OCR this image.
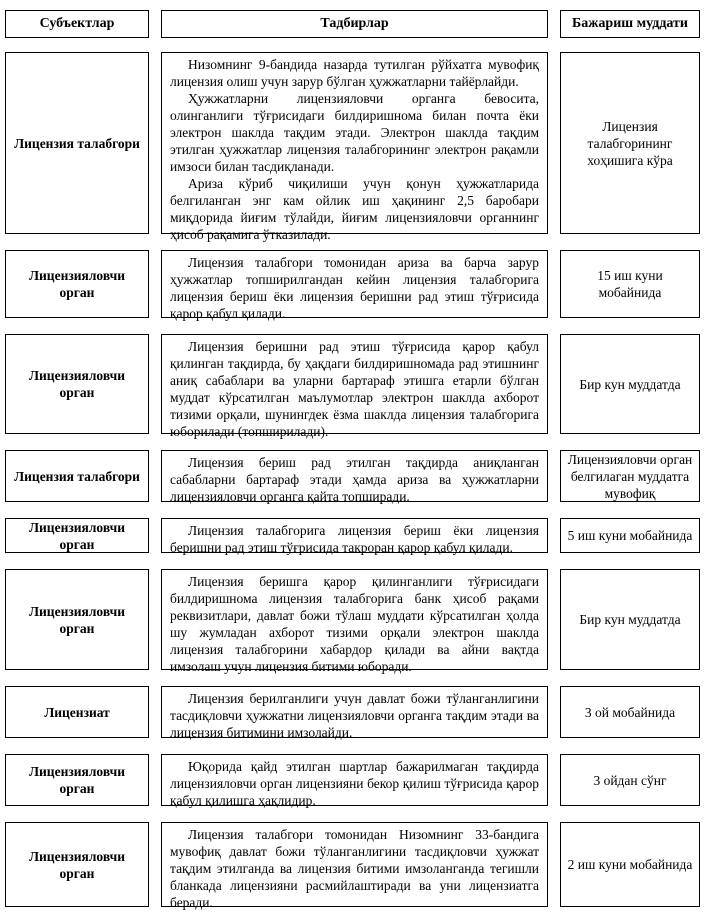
Субъектлар	Тадбирлар	Бажариш муддати
Лицензия талабгори

Низомнинг 9-бандида назарда тутилган рўйхатга мувофиқ лицензия олиш учун зарур бўлган ҳужжатларни тайёрлайди.

Ҳужжатларни лицензияловчи органга бевосита, олинганлиги тўғрисидаги билдиришнома билан почта ёки электрон шаклда тақдим этади. Электрон шаклда тақдим этилган ҳужжатлар лицензия талабгорининг электрон рақамли имзоси билан тасдиқланади.

Ариза кўриб чиқилиши учун қонун ҳужжатларида белгиланган энг кам ойлик иш ҳақининг 2,5 баробари миқдорида йиғим тўлайди, йиғим лицензияловчи органнинг ҳисоб рақамига ўтказилади.

Лицензия талабгорининг хоҳишига кўра
Лицензияловчи орган

Лицензия талабгори томонидан ариза ва барча зарур ҳужжатлар топширилгандан кейин лицензия талабгорига лицензия бериш ёки лицензия беришни рад этиш тўғрисида қарор қабул қилади.

15 иш куни мобайнида
Лицензияловчи орган

Лицензия беришни рад этиш тўғрисида қарор қабул қилинган тақдирда, бу ҳақдаги билдиришномада рад этишнинг аниқ сабаблари ва уларни бартараф этишга етарли бўлган муддат кўрсатилган маълумотлар электрон шаклда ахборот тизими орқали, шунингдек ёзма шаклда лицензия талабгорига юборилади (топширилади).

Бир кун муддатда
Лицензия талабгори

Лицензия бериш рад этилган тақдирда аниқланган сабабларни бартараф этади ҳамда ариза ва ҳужжатларни лицензияловчи органга қайта топширади.

Лицензияловчи орган белгилаган муддатга мувофиқ
Лицензияловчи орган

Лицензия талабгорига лицензия бериш ёки лицензия беришни рад этиш тўғрисида такроран қарор қабул қилади.

5 иш куни мобайнида
Лицензияловчи орган

Лицензия беришга қарор қилинганлиги тўғрисидаги билдиришнома лицензия талабгорига банк ҳисоб рақами реквизитлари, давлат божи тўлаш муддати кўрсатилган ҳолда шу жумладан ахборот тизими орқали электрон шаклда лицензия талабгорини хабардор қилади ва айни вақтда имзолаш учун лицензия битими юборади.

Бир кун муддатда
Лицензиат

Лицензия берилганлиги учун давлат божи тўланганлигини тасдиқловчи ҳужжатни лицензияловчи органга тақдим этади ва лицензия битимини имзолайди.

3 ой мобайнида
Лицензияловчи орган

Юқорида қайд этилган шартлар бажарилмаган тақдирда лицензияловчи орган лицензияни бекор қилиш тўғрисида қарор қабул қилишга ҳақлидир.

3 ойдан сўнг
Лицензияловчи орган

Лицензия талабгори томонидан Низомнинг 33-бандига мувофиқ давлат божи тўланганлигини тасдиқловчи ҳужжат тақдим этилганда ва лицензия битими имзоланганда тегишли бланкада лицензияни расмийлаштиради ва уни лицензиатга беради.

2 иш куни мобайнида
